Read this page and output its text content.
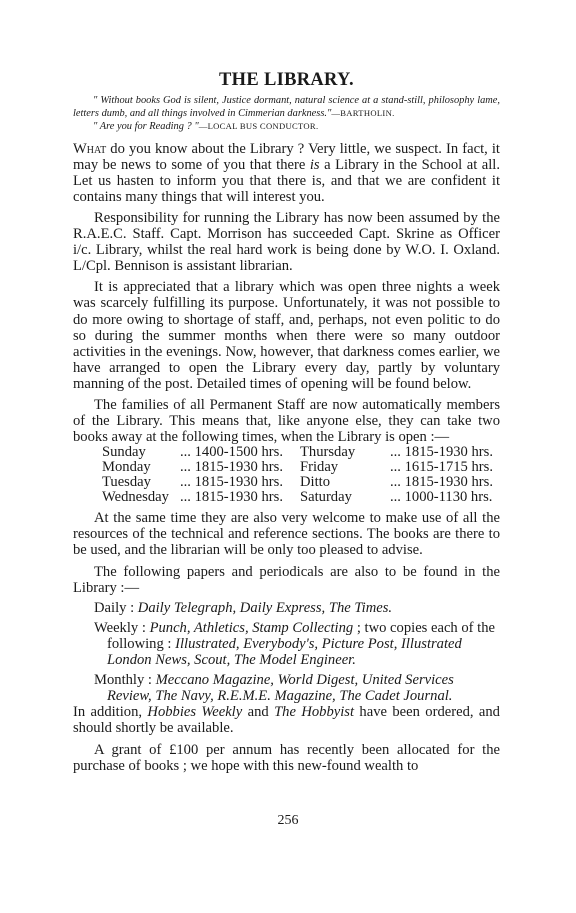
THE LIBRARY.
" Without books God is silent, Justice dormant, natural science at a stand-still, philosophy lame, letters dumb, and all things involved in Cimmerian darkness."—BARTHOLIN.
" Are you for Reading ? "—LOCAL BUS CONDUCTOR.

What do you know about the Library ? Very little, we suspect. In fact, it may be news to some of you that there is a Library in the School at all. Let us hasten to inform you that there is, and that we are confident it contains many things that will interest you.

Responsibility for running the Library has now been assumed by the R.A.E.C. Staff. Capt. Morrison has succeeded Capt. Skrine as Officer i/c. Library, whilst the real hard work is being done by W.O. I. Oxland. L/Cpl. Bennison is assistant librarian.

It is appreciated that a library which was open three nights a week was scarcely fulfilling its purpose. Unfortunately, it was not possible to do more owing to shortage of staff, and, perhaps, not even politic to do so during the summer months when there were so many outdoor activities in the evenings. Now, however, that darkness comes earlier, we have arranged to open the Library every day, partly by voluntary manning of the post. Detailed times of opening will be found below.

The families of all Permanent Staff are now automatically members of the Library. This means that, like anyone else, they can take two books away at the following times, when the Library is open :—

Sunday	... 1400-1500 hrs.	Thursday	... 1815-1930 hrs.
Monday	... 1815-1930 hrs.	Friday	... 1615-1715 hrs.
Tuesday	... 1815-1930 hrs.	Ditto	... 1815-1930 hrs.
Wednesday ... 1815-1930 hrs.	Saturday	... 1000-1130 hrs.

At the same time they are also very welcome to make use of all the resources of the technical and reference sections. The books are there to be used, and the librarian will be only too pleased to advise.

The following papers and periodicals are also to be found in the Library :—

Daily : Daily Telegraph, Daily Express, The Times.
Weekly : Punch, Athletics, Stamp Collecting ; two copies each of the following : Illustrated, Everybody's, Picture Post, Illustrated London News, Scout, The Model Engineer.
Monthly : Meccano Magazine, World Digest, United Services Review, The Navy, R.E.M.E. Magazine, The Cadet Journal.

In addition, Hobbies Weekly and The Hobbyist have been ordered, and should shortly be available.

A grant of £100 per annum has recently been allocated for the purchase of books ; we hope with this new-found wealth to

256
